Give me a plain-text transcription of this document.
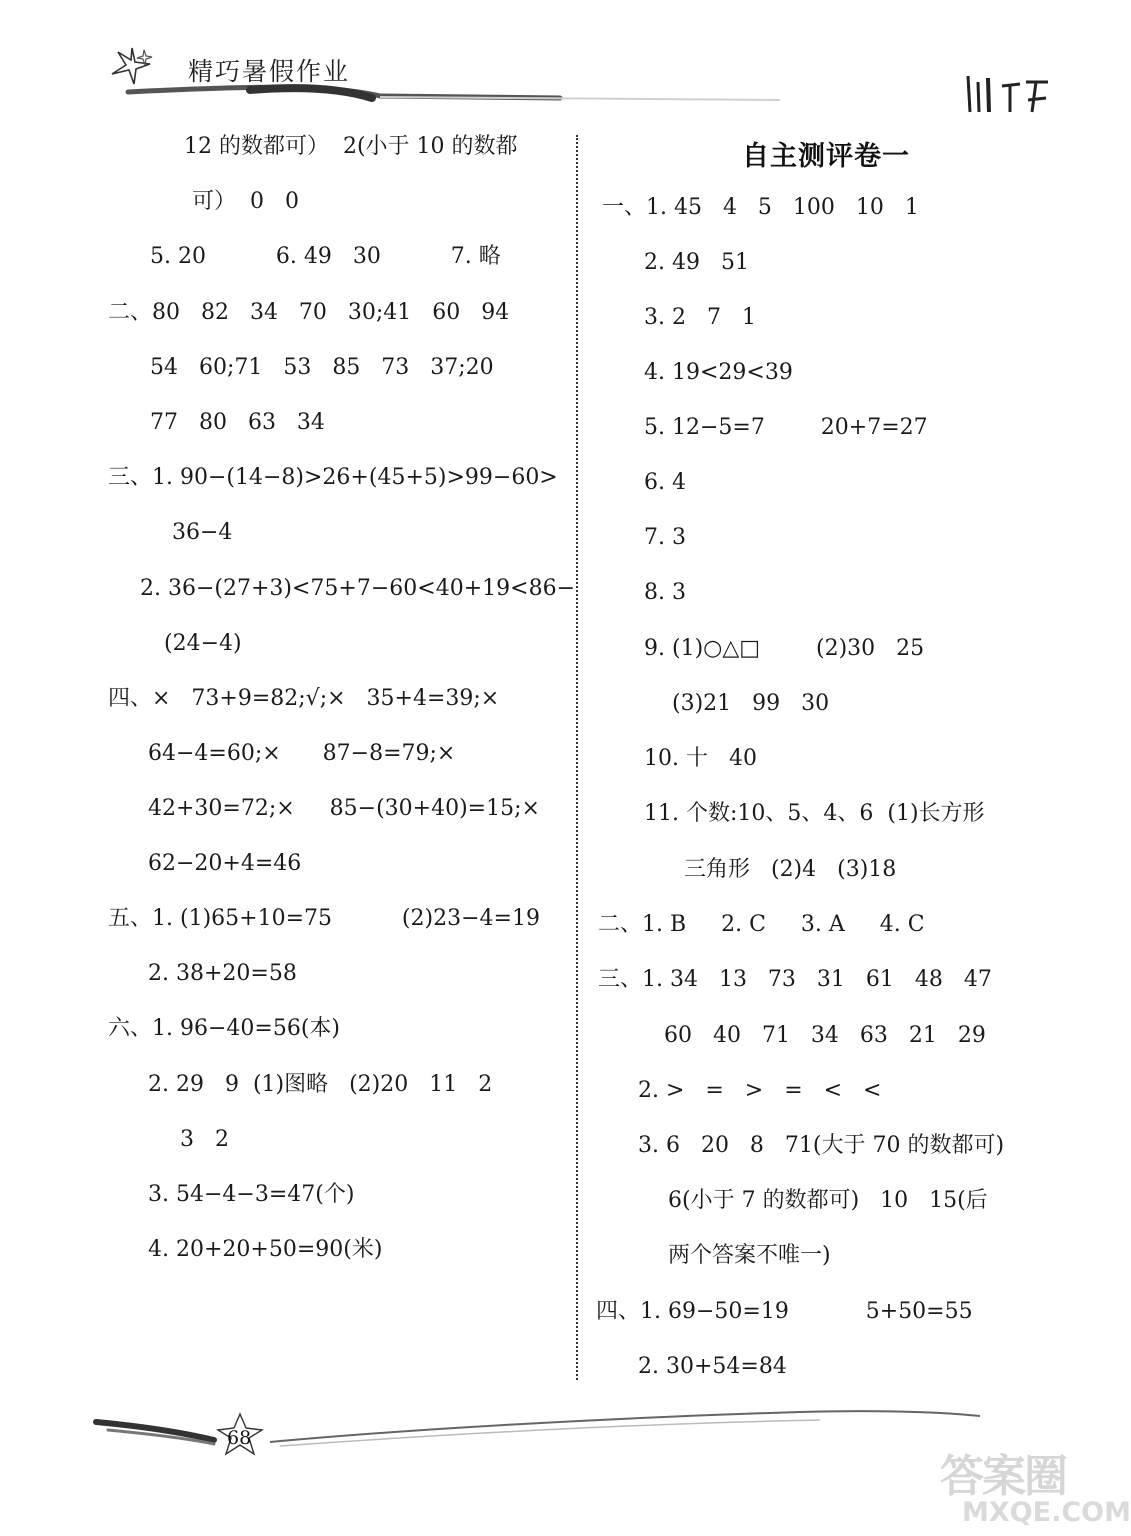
精巧暑假作业
12 的数都可）  2(小于 10 的数都
可）  0   0
5. 20          6. 49   30          7. 略
二、80   82   34   70   30;41   60   94
54   60;71   53   85   73   37;20
77   80   63   34
三、1. 90−(14−8)>26+(45+5)>99−60>
36−4
2. 36−(27+3)<75+7−60<40+19<86−
(24−4)
四、×   73+9=82;√;×   35+4=39;×
64−4=60;×      87−8=79;×
42+30=72;×     85−(30+40)=15;×
62−20+4=46
五、1. (1)65+10=75          (2)23−4=19
2. 38+20=58
六、1. 96−40=56(本)
2. 29   9  (1)图略   (2)20   11   2
3   2
3. 54−4−3=47(个)
4. 20+20+50=90(米)
自主测评卷一
一、1. 45   4   5   100   10   1
2. 49   51
3. 2   7   1
4. 19<29<39
5. 12−5=7        20+7=27
6. 4
7. 3
8. 3
9. (1)○△□        (2)30   25
(3)21   99   30
10. 十   40
11. 个数:10、5、4、6  (1)长方形
三角形   (2)4   (3)18
二、1. B     2. C     3. A     4. C
三、1. 34   13   73   31   61   48   47
60   40   71   34   63   21   29
2. >   =   >   =   <   <
3. 6   20   8   71(大于 70 的数都可)
6(小于 7 的数都可)   10   15(后
两个答案不唯一)
四、1. 69−50=19           5+50=55
2. 30+54=84
68
答案圈
MXQE.COM
